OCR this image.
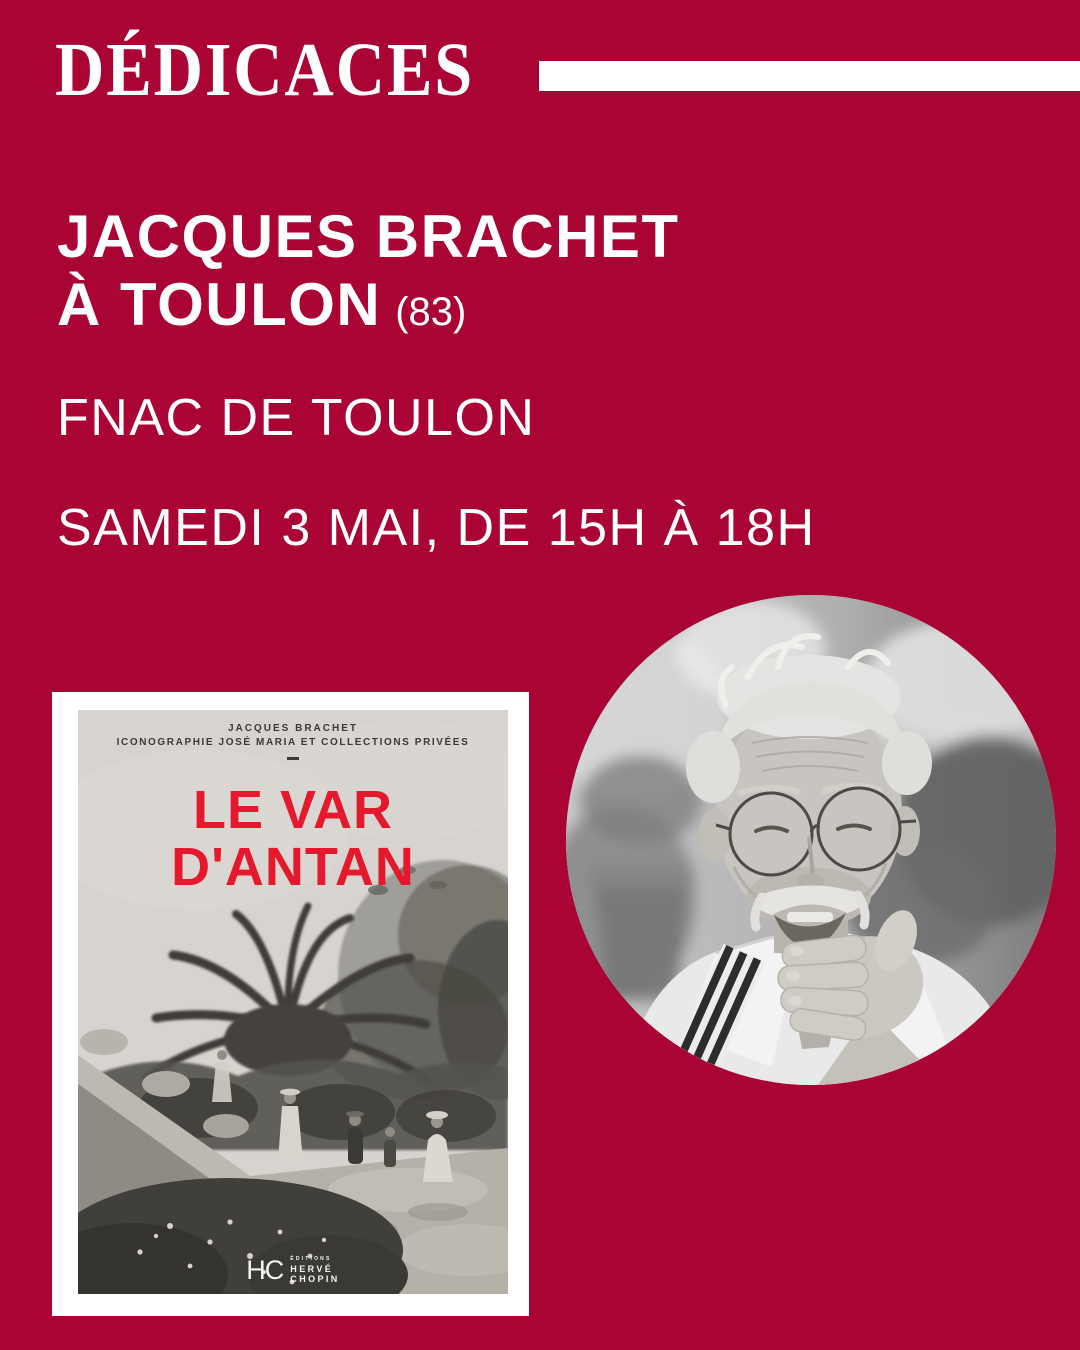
DÉDICACES
JACQUES BRACHET
À TOULON (83)
FNAC DE TOULON
SAMEDI 3 MAI, DE 15H À 18H
JACQUES BRACHET
ICONOGRAPHIE JOSÉ MARIA ET COLLECTIONS PRIVÉES
LE VAR
D'ANTAN
HC ÉDITIONS
HERVÉ
CHOPIN
